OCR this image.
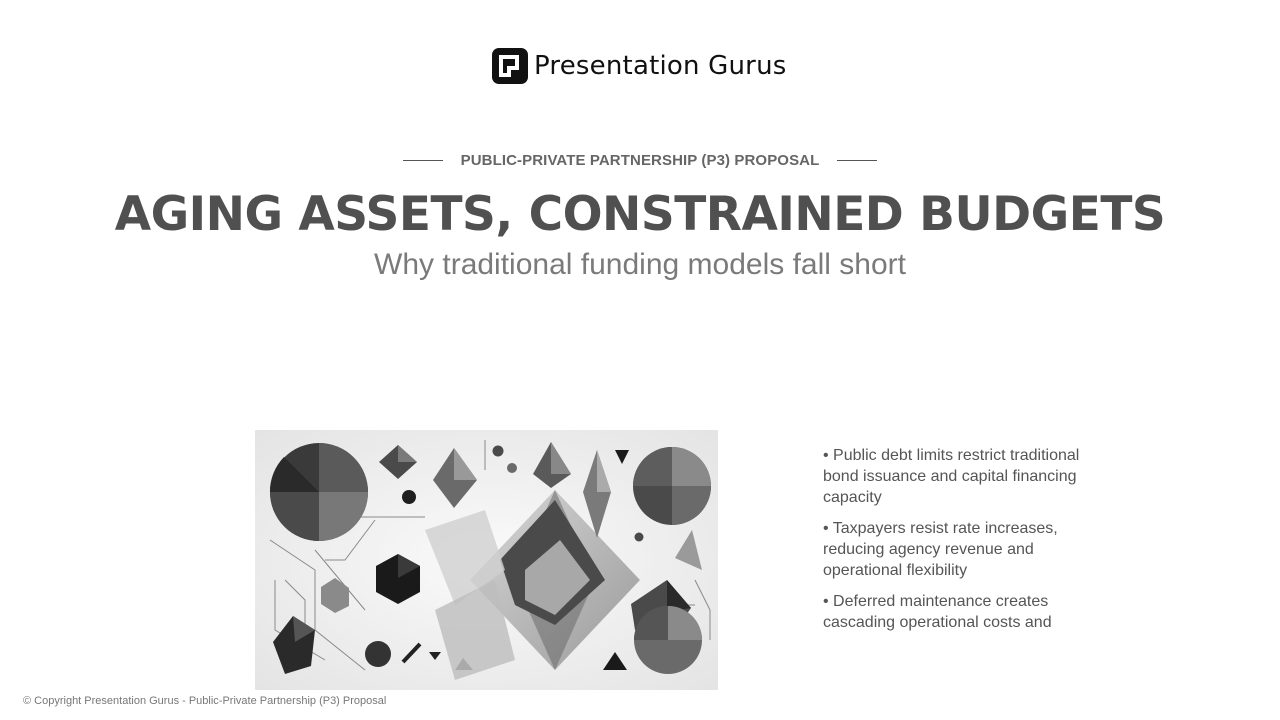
Presentation Gurus
PUBLIC-PRIVATE PARTNERSHIP (P3) PROPOSAL
AGING ASSETS, CONSTRAINED BUDGETS
Why traditional funding models fall short
• Public debt limits restrict traditional bond issuance and capital financing capacity
• Taxpayers resist rate increases, reducing agency revenue and operational flexibility
• Deferred maintenance creates cascading operational costs and
© Copyright Presentation Gurus - Public-Private Partnership (P3) Proposal
